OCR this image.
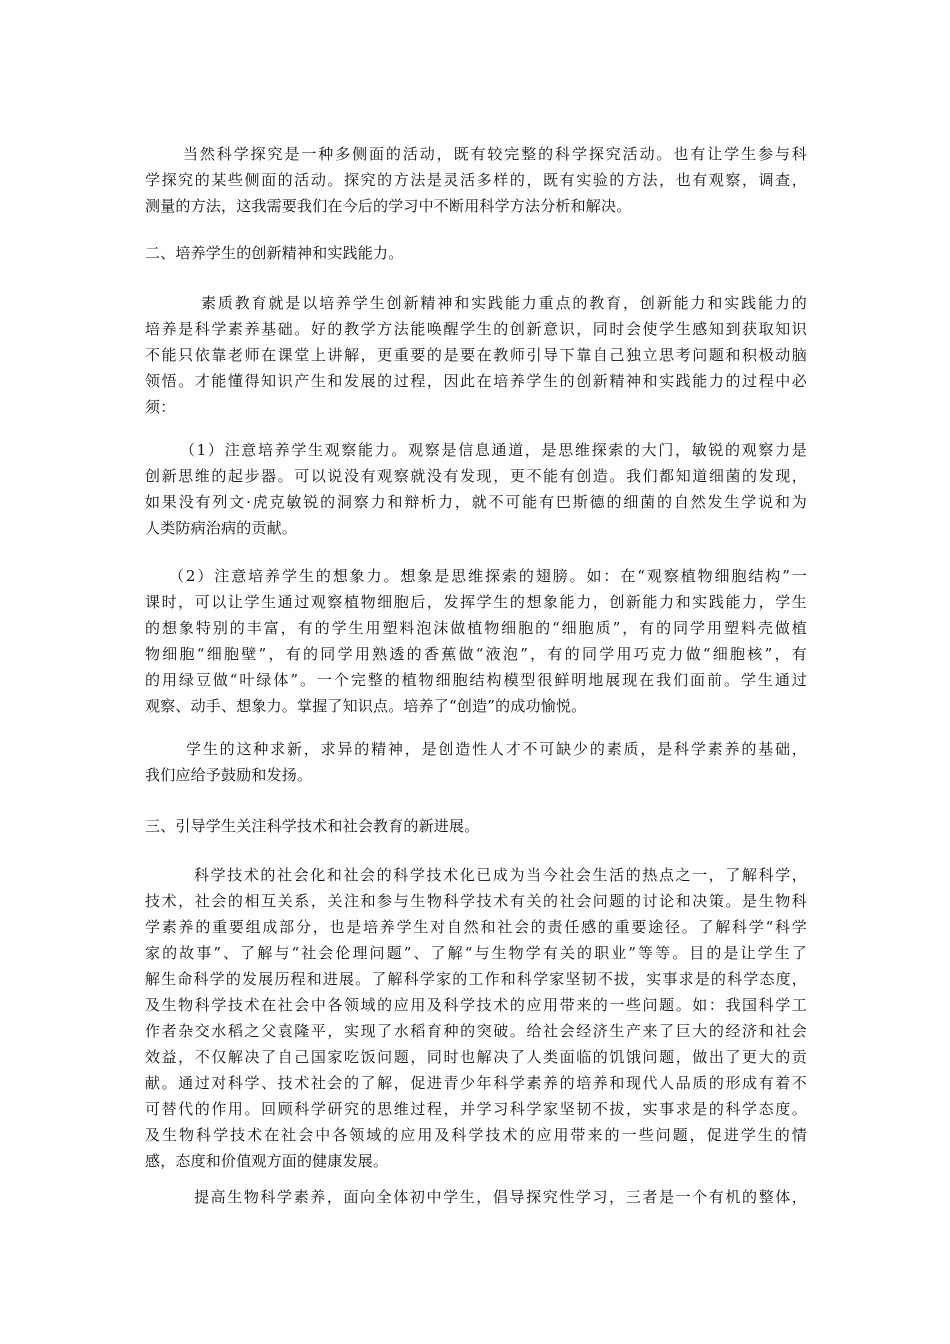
当然科学探究是一种多侧面的活动，既有较完整的科学探究活动。也有让学生参与科
学探究的某些侧面的活动。探究的方法是灵活多样的，既有实验的方法，也有观察，调查，
测量的方法，这我需要我们在今后的学习中不断用科学方法分析和解决。
二、培养学生的创新精神和实践能力。
素质教育就是以培养学生创新精神和实践能力重点的教育，创新能力和实践能力的
培养是科学素养基础。好的教学方法能唤醒学生的创新意识，同时会使学生感知到获取知识
不能只依靠老师在课堂上讲解，更重要的是要在教师引导下靠自己独立思考问题和积极动脑
领悟。才能懂得知识产生和发展的过程，因此在培养学生的创新精神和实践能力的过程中必
须：
（1）注意培养学生观察能力。观察是信息通道，是思维探索的大门，敏锐的观察力是
创新思维的起步器。可以说没有观察就没有发现，更不能有创造。我们都知道细菌的发现，
如果没有列文·虎克敏锐的洞察力和辩析力，就不可能有巴斯德的细菌的自然发生学说和为
人类防病治病的贡献。
（2）注意培养学生的想象力。想象是思维探索的翅膀。如：在“观察植物细胞结构”一
课时，可以让学生通过观察植物细胞后，发挥学生的想象能力，创新能力和实践能力，学生
的想象特别的丰富，有的学生用塑料泡沫做植物细胞的“细胞质”，有的同学用塑料壳做植
物细胞“细胞壁”，有的同学用熟透的香蕉做“液泡”，有的同学用巧克力做“细胞核”，有
的用绿豆做“叶绿体”。一个完整的植物细胞结构模型很鲜明地展现在我们面前。学生通过
观察、动手、想象力。掌握了知识点。培养了“创造”的成功愉悦。
学生的这种求新，求异的精神，是创造性人才不可缺少的素质，是科学素养的基础，
我们应给予鼓励和发扬。
三、引导学生关注科学技术和社会教育的新进展。
科学技术的社会化和社会的科学技术化已成为当今社会生活的热点之一，了解科学，
技术，社会的相互关系，关注和参与生物科学技术有关的社会问题的讨论和决策。是生物科
学素养的重要组成部分，也是培养学生对自然和社会的责任感的重要途径。了解科学“科学
家的故事”、了解与“社会伦理问题”、了解“与生物学有关的职业”等等。目的是让学生了
解生命科学的发展历程和进展。了解科学家的工作和科学家坚韧不拔，实事求是的科学态度，
及生物科学技术在社会中各领域的应用及科学技术的应用带来的一些问题。如：我国科学工
作者杂交水稻之父袁隆平，实现了水稻育种的突破。给社会经济生产来了巨大的经济和社会
效益，不仅解决了自己国家吃饭问题，同时也解决了人类面临的饥饿问题，做出了更大的贡
献。通过对科学、技术社会的了解，促进青少年科学素养的培养和现代人品质的形成有着不
可替代的作用。回顾科学研究的思维过程，并学习科学家坚韧不拔，实事求是的科学态度。
及生物科学技术在社会中各领域的应用及科学技术的应用带来的一些问题，促进学生的情
感，态度和价值观方面的健康发展。
提高生物科学素养，面向全体初中学生，倡导探究性学习，三者是一个有机的整体，
